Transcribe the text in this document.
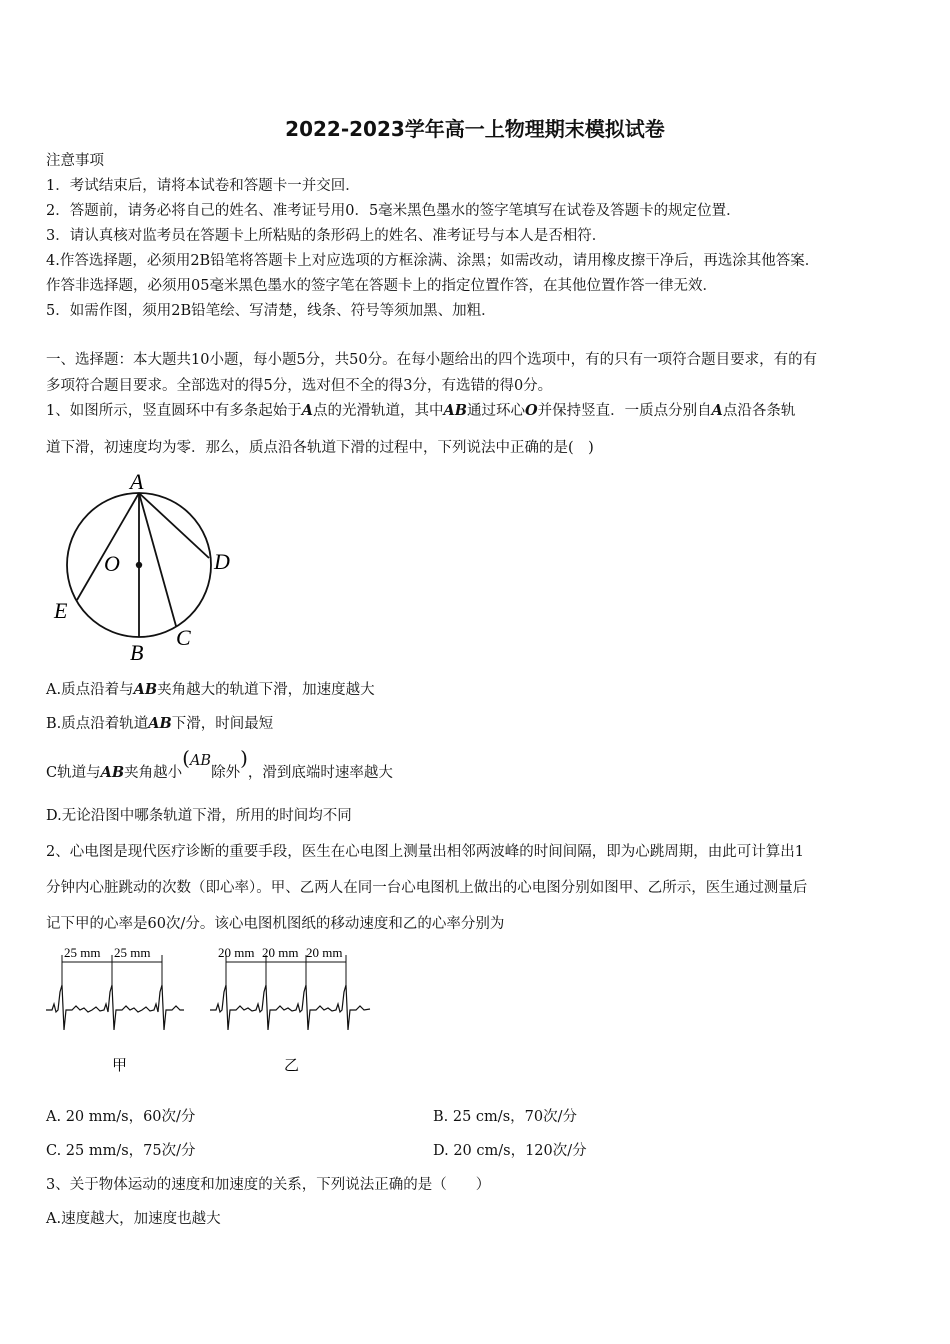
2022-2023学年高一上物理期末模拟试卷
注意事项
1．考试结束后，请将本试卷和答题卡一并交回．
2．答题前，请务必将自己的姓名、准考证号用0．5毫米黑色墨水的签字笔填写在试卷及答题卡的规定位置．
3．请认真核对监考员在答题卡上所粘贴的条形码上的姓名、准考证号与本人是否相符．
4.作答选择题，必须用2B铅笔将答题卡上对应选项的方框涂满、涂黑；如需改动，请用橡皮擦干净后，再选涂其他答案．
作答非选择题，必须用05毫米黑色墨水的签字笔在答题卡上的指定位置作答，在其他位置作答一律无效．
5．如需作图，须用2B铅笔绘、写清楚，线条、符号等须加黑、加粗．
一、选择题：本大题共10小题，每小题5分，共50分。在每小题给出的四个选项中，有的只有一项符合题目要求，有的有
多项符合题目要求。全部选对的得5分，选对但不全的得3分，有选错的得0分。
1、如图所示，竖直圆环中有多条起始于A点的光滑轨道，其中AB通过环心O并保持竖直．一质点分别自A点沿各条轨
道下滑，初速度均为零．那么，质点沿各轨道下滑的过程中，下列说法中正确的是(　)
A
O	D
E
C
B
A.质点沿着与AB夹角越大的轨道下滑，加速度越大
B.质点沿着轨道AB下滑，时间最短
C轨道与AB夹角越小(AB除外)，滑到底端时速率越大
D.无论沿图中哪条轨道下滑，所用的时间均不同
2、心电图是现代医疗诊断的重要手段，医生在心电图上测量出相邻两波峰的时间间隔，即为心跳周期，由此可计算出1
分钟内心脏跳动的次数（即心率）。甲、乙两人在同一台心电图机上做出的心电图分别如图甲、乙所示，医生通过测量后
记下甲的心率是60次/分。该心电图机图纸的移动速度和乙的心率分别为
25 mm 25 mm
甲
20 mm 20 mm 20 mm
乙
A. 20 mm/s，60次/分	B. 25 cm/s，70次/分
C. 25 mm/s，75次/分	D. 20 cm/s，120次/分
3、关于物体运动的速度和加速度的关系，下列说法正确的是（　　）
A.速度越大，加速度也越大
